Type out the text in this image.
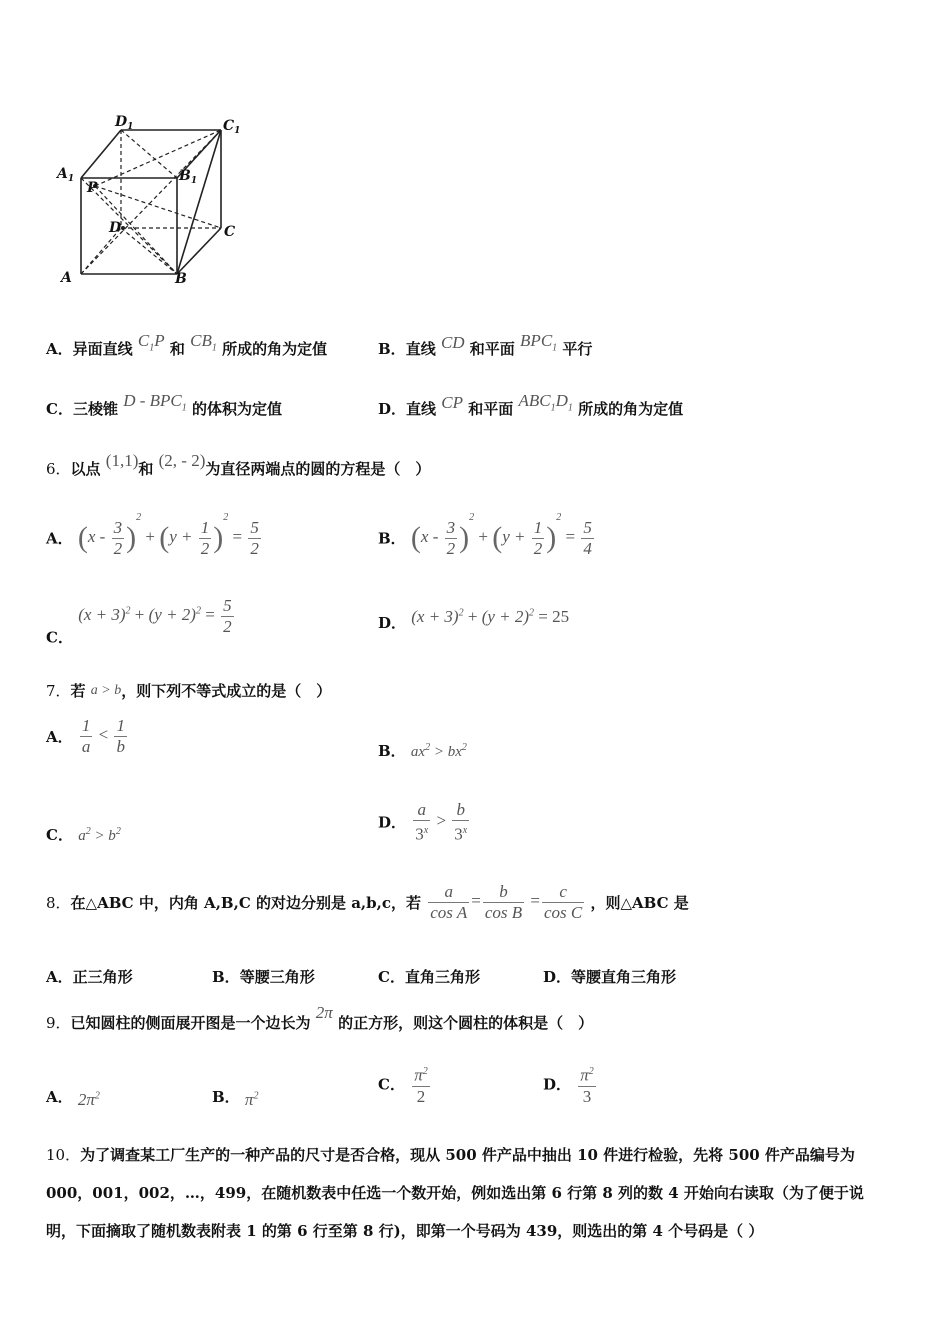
$D_1$	$C_1$
$A_1$	$B_1$
P
D	C
A	B
A．异面直线 $C_1P$ 和 $CB_1$ 所成的角为定值	B．直线 CD 和平面 $BPC_1$ 平行
C．三棱锥 D - $BPC_1$ 的体积为定值	D．直线 CP 和平面 $ABC_1D_1$ 所成的角为定值
6．以点 (1,1)和 (2, - 2)为直径两端点的圆的方程是（　）
A． $(x - \frac{3}{2} )^2 + (y + \frac{1}{2} )^2 = \frac{5}{2}$	B． $(x - \frac{3}{2} )^2 + (y + \frac{1}{2} )^2 = \frac{5}{4}$
C． $(x + 3)^2 + (y + 2)^2 = \frac{5}{2}$	D． $(x + 3)^2 + (y + 2)^2 = 25$
7．若 a > b，则下列不等式成立的是（　）
A． $\frac{1}{a} < \frac{1}{b}$	B． $ax^2 > bx^2$
C． $a^2 > b^2$	D． $\frac{a}{3^x} > \frac{b}{3^x}$
8．在△ABC 中，内角 A,B,C 的对边分别是 a,b,c，若 $\frac{a}{\text{cos A}} = \frac{b}{\text{cos B}} = \frac{c}{\text{cos C}}$ ，则△ABC 是
A．正三角形	B．等腰三角形	C．直角三角形	D．等腰直角三角形
9．已知圆柱的侧面展开图是一个边长为 2π 的正方形，则这个圆柱的体积是（　）
A． $2\pi^2$	B． $\pi^2$
C． $\frac{\pi^2}{2}$	D． $\frac{\pi^2}{3}$
10．为了调查某工厂生产的一种产品的尺寸是否合格，现从 500 件产品中抽出 10 件进行检验，先将 500 件产品编号为
000，001，002，…，499，在随机数表中任选一个数开始，例如选出第 6 行第 8 列的数 4 开始向右读取（为了便于说
明，下面摘取了随机数表附表 1 的第 6 行至第 8 行)，即第一个号码为 439，则选出的第 4 个号码是（ ）
